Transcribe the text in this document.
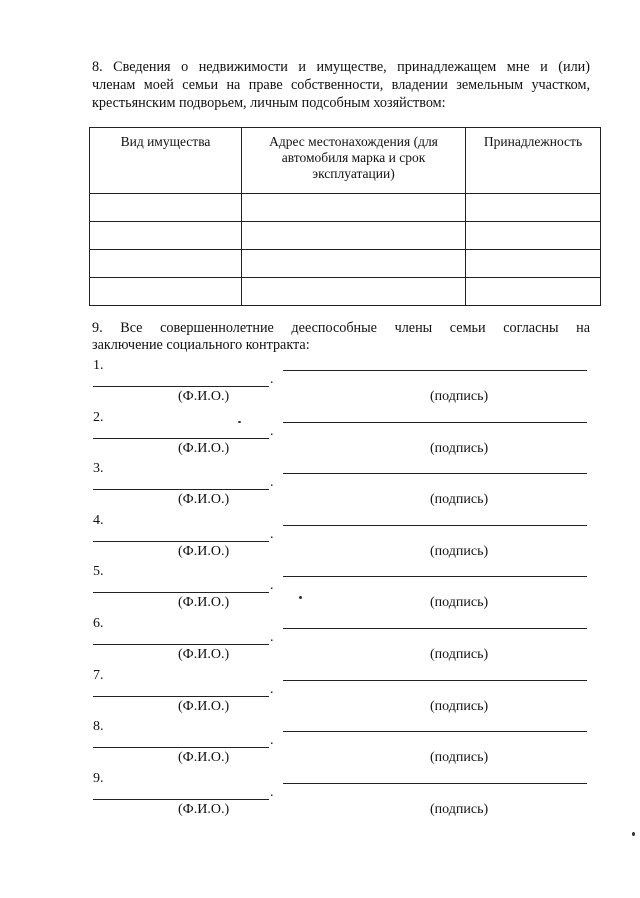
8. Сведения о недвижимости и имуществе, принадлежащем мне и (или)
членам моей семьи на праве собственности, владении земельным участком,
крестьянским подворьем, личным подсобным хозяйством:
Вид имущества	Адрес местонахождения (для автомобиля марка и срок эксплуатации)	Принадлежность

9. Все совершеннолетние дееспособные члены семьи согласны на
заключение социального контракта:
1.
.
(Ф.И.О.)	(подпись)
2.
.
(Ф.И.О.)	(подпись)
3.
.
(Ф.И.О.)	(подпись)
4.
.
(Ф.И.О.)	(подпись)
5.
.
(Ф.И.О.)	(подпись)
6.
.
(Ф.И.О.)	(подпись)
7.
.
(Ф.И.О.)	(подпись)
8.
.
(Ф.И.О.)	(подпись)
9.
.
(Ф.И.О.)	(подпись)
